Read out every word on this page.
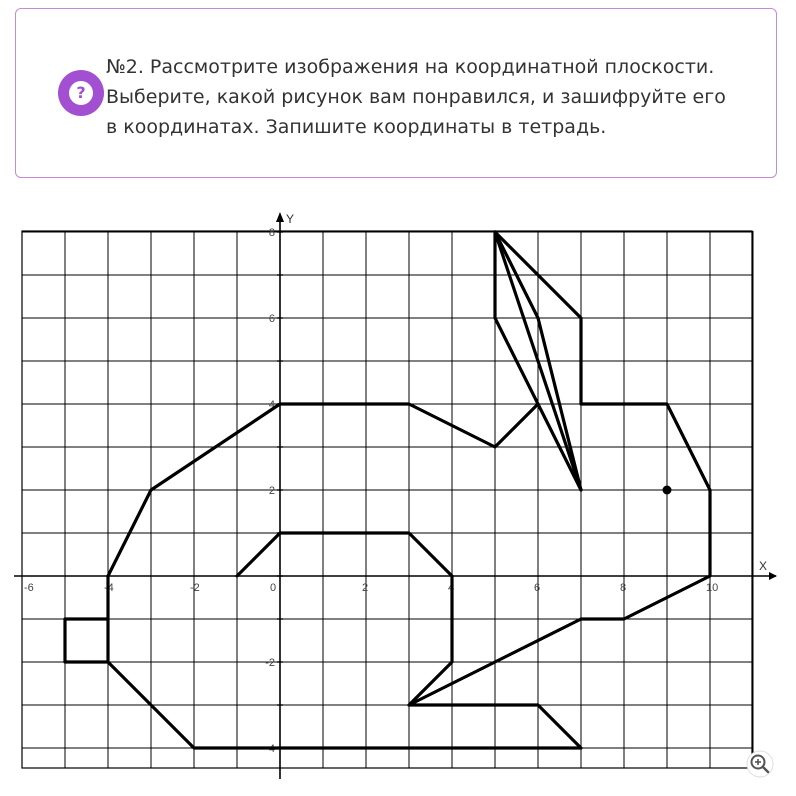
?
№2. Рассмотрите изображения на координатной плоскости.
Выберите, какой рисунок вам понравился, и зашифруйте его
в координатах. Запишите координаты в тетрадь.
X
Y
-6	-4	-2	0	2	4	6	8	10
8
6
4
2
-2
-4
